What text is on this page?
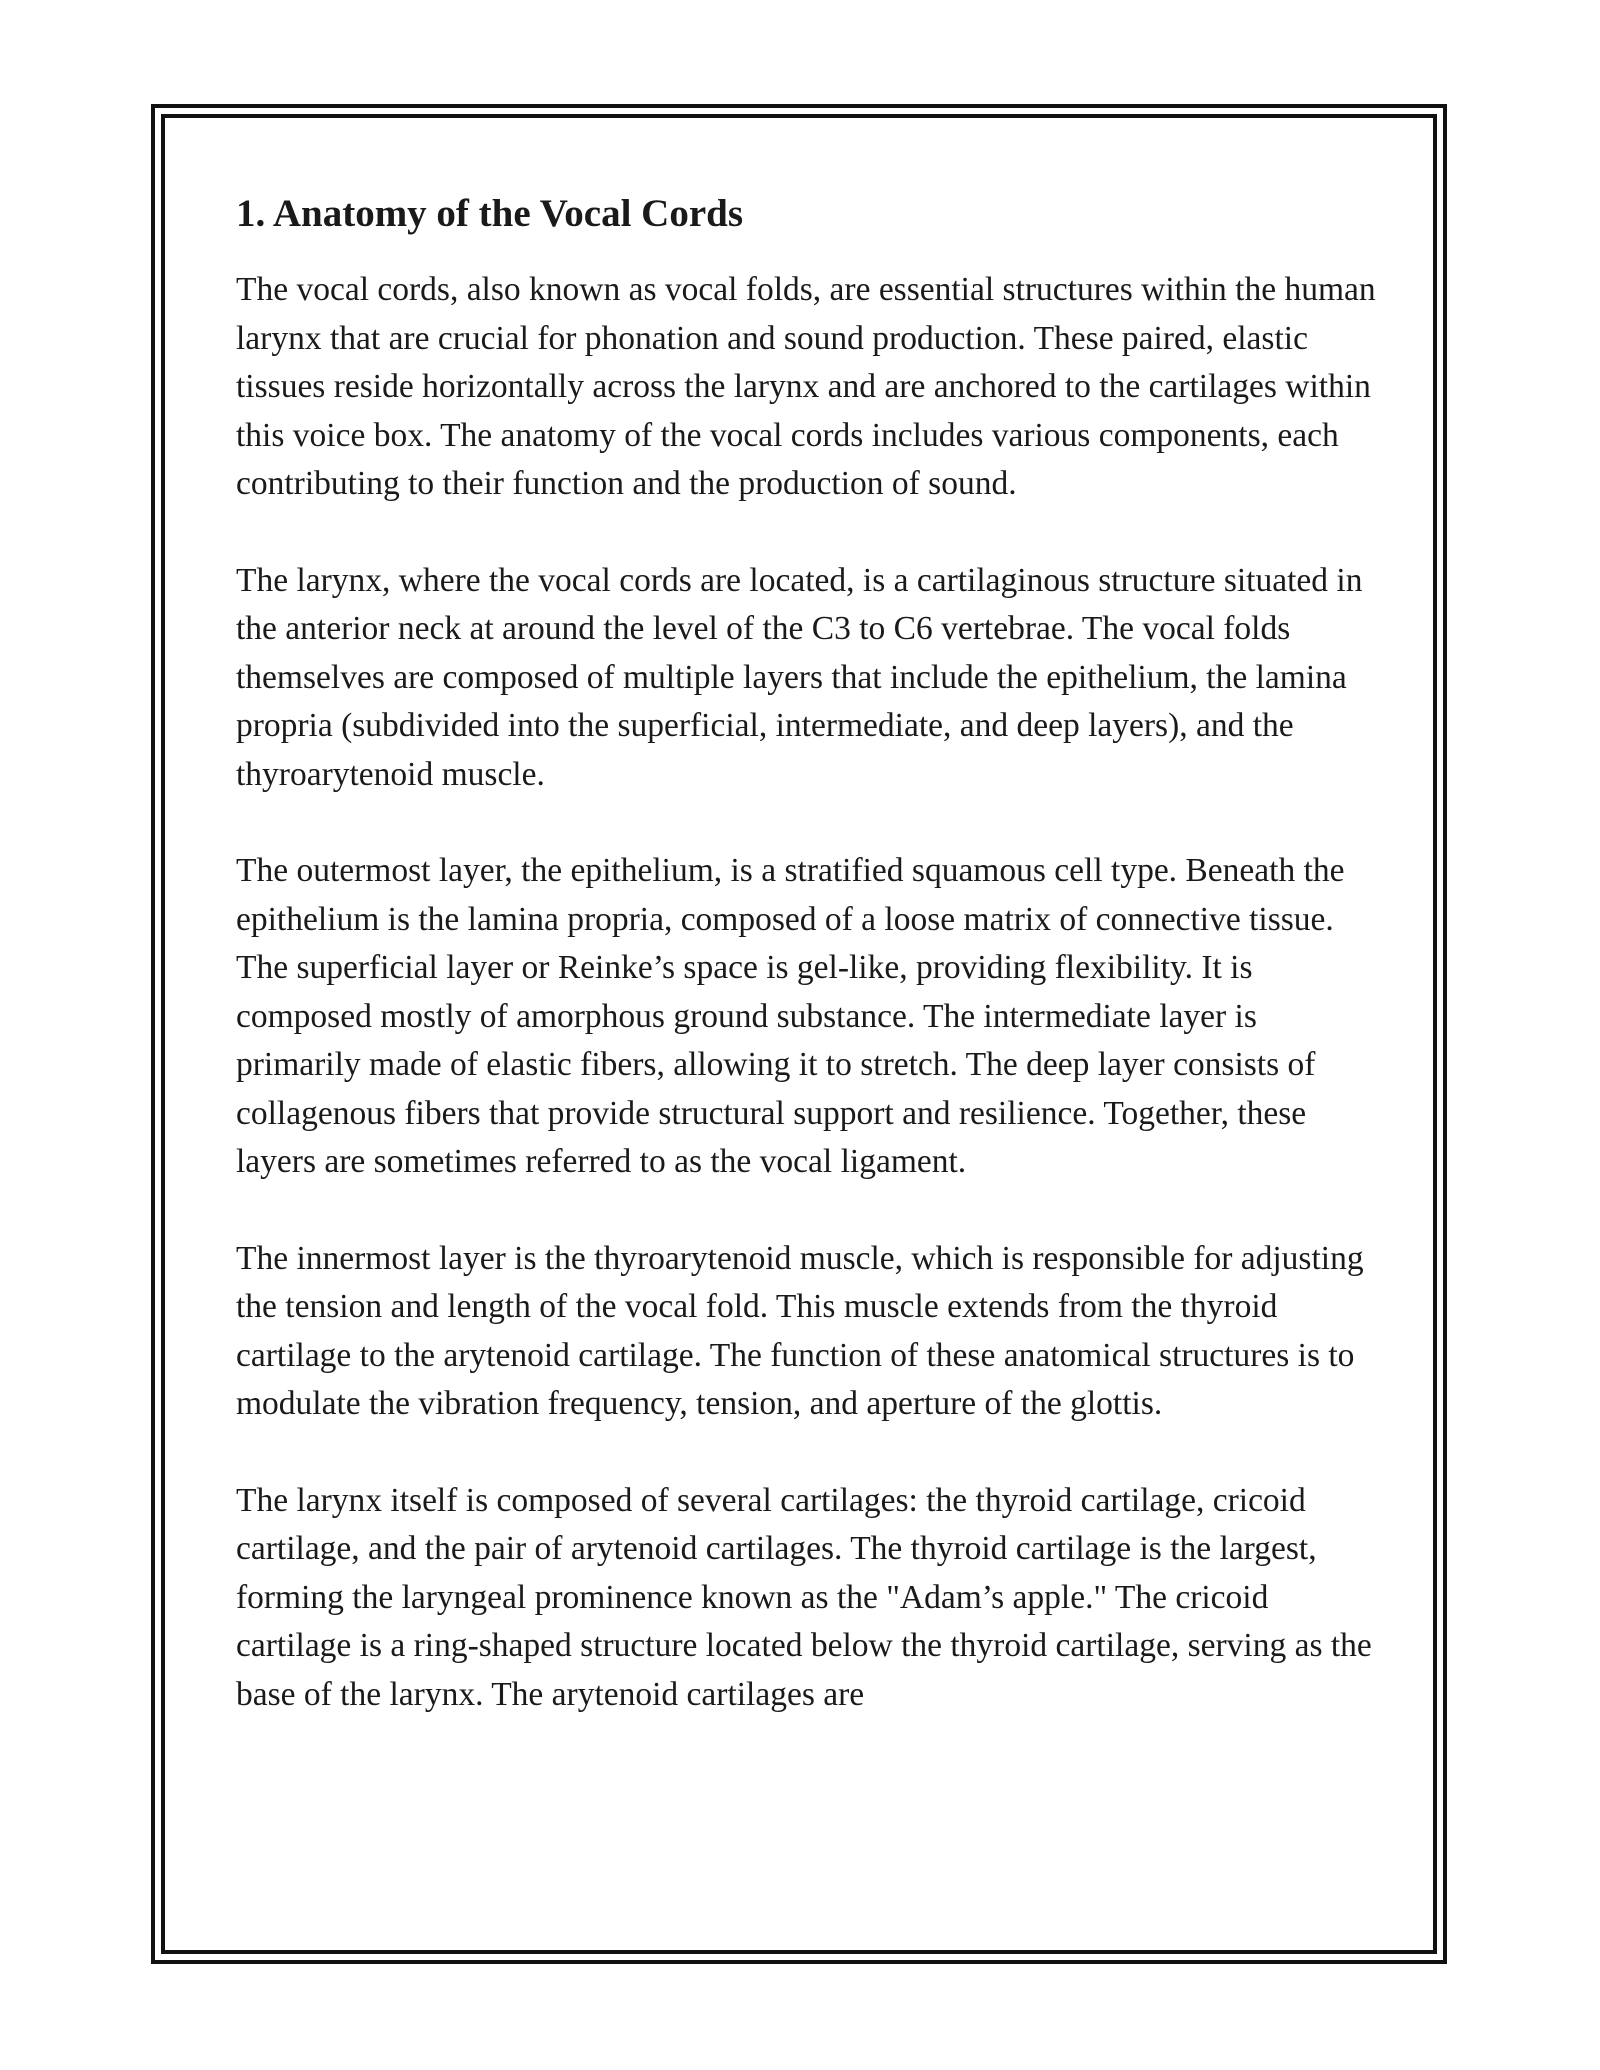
1. Anatomy of the Vocal Cords

The vocal cords, also known as vocal folds, are essential structures within the human larynx that are crucial for phonation and sound production. These paired, elastic tissues reside horizontally across the larynx and are anchored to the cartilages within this voice box. The anatomy of the vocal cords includes various components, each contributing to their function and the production of sound.

The larynx, where the vocal cords are located, is a cartilaginous structure situated in the anterior neck at around the level of the C3 to C6 vertebrae. The vocal folds themselves are composed of multiple layers that include the epithelium, the lamina propria (subdivided into the superficial, intermediate, and deep layers), and the thyroarytenoid muscle.

The outermost layer, the epithelium, is a stratified squamous cell type. Beneath the epithelium is the lamina propria, composed of a loose matrix of connective tissue. The superficial layer or Reinke’s space is gel-like, providing flexibility. It is composed mostly of amorphous ground substance. The intermediate layer is primarily made of elastic fibers, allowing it to stretch. The deep layer consists of collagenous fibers that provide structural support and resilience. Together, these layers are sometimes referred to as the vocal ligament.

The innermost layer is the thyroarytenoid muscle, which is responsible for adjusting the tension and length of the vocal fold. This muscle extends from the thyroid cartilage to the arytenoid cartilage. The function of these anatomical structures is to modulate the vibration frequency, tension, and aperture of the glottis.

The larynx itself is composed of several cartilages: the thyroid cartilage, cricoid cartilage, and the pair of arytenoid cartilages. The thyroid cartilage is the largest, forming the laryngeal prominence known as the "Adam’s apple." The cricoid cartilage is a ring-shaped structure located below the thyroid cartilage, serving as the base of the larynx. The arytenoid cartilages are
